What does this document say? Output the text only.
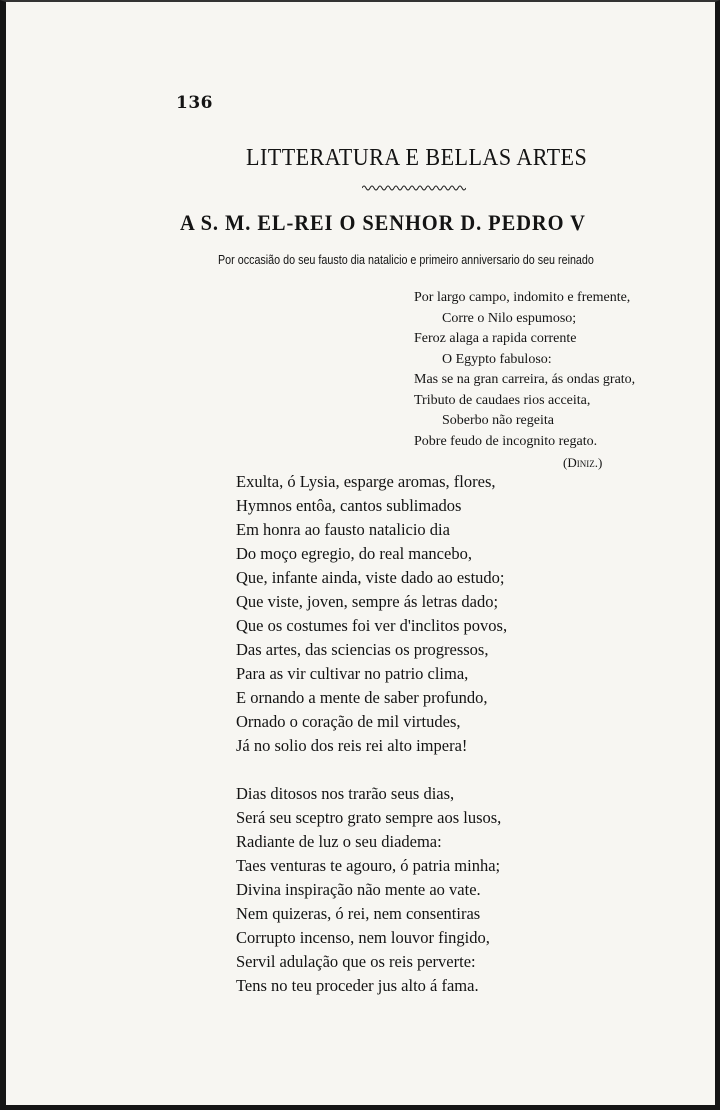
136
LITTERATURA E BELLAS ARTES
A S. M. EL-REI O SENHOR D. PEDRO V
Por occasião do seu fausto dia natalicio e primeiro anniversario do seu reinado
Por largo campo, indomito e fremente,
Corre o Nilo espumoso;
Feroz alaga a rapida corrente
O Egypto fabuloso:
Mas se na gran carreira, ás ondas grato,
Tributo de caudaes rios acceita,
Soberbo não regeita
Pobre feudo de incognito regato.
(Diniz.)
Exulta, ó Lysia, esparge aromas, flores,
Hymnos entôa, cantos sublimados
Em honra ao fausto natalicio dia
Do moço egregio, do real mancebo,
Que, infante ainda, viste dado ao estudo;
Que viste, joven, sempre ás letras dado;
Que os costumes foi ver d'inclitos povos,
Das artes, das sciencias os progressos,
Para as vir cultivar no patrio clima,
E ornando a mente de saber profundo,
Ornado o coração de mil virtudes,
Já no solio dos reis rei alto impera!
Dias ditosos nos trarão seus dias,
Será seu sceptro grato sempre aos lusos,
Radiante de luz o seu diadema:
Taes venturas te agouro, ó patria minha;
Divina inspiração não mente ao vate.
Nem quizeras, ó rei, nem consentiras
Corrupto incenso, nem louvor fingido,
Servil adulação que os reis perverte:
Tens no teu proceder jus alto á fama.
